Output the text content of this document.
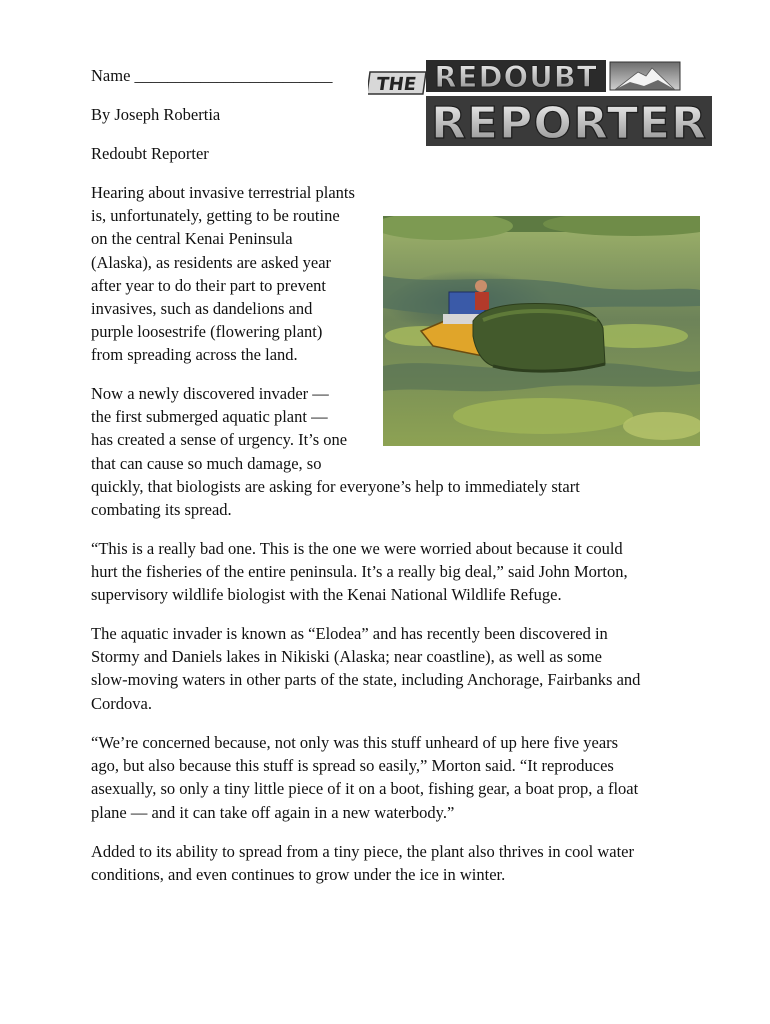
Name ________________________

By Joseph Robertia

Redoubt Reporter

THE REDOUBT
REPORTER
Hearing about invasive terrestrial plants
is, unfortunately, getting to be routine
on the central Kenai Peninsula
(Alaska), as residents are asked year
after year to do their part to prevent
invasives, such as dandelions and
purple loosestrife (flowering plant)
from spreading across the land.
Now a newly discovered invader —
the first submerged aquatic plant —
has created a sense of urgency. It’s one
that can cause so much damage, so
quickly, that biologists are asking for everyone’s help to immediately start
combating its spread.
“This is a really bad one. This is the one we were worried about because it could
hurt the fisheries of the entire peninsula. It’s a really big deal,” said John Morton,
supervisory wildlife biologist with the Kenai National Wildlife Refuge.
The aquatic invader is known as “Elodea” and has recently been discovered in
Stormy and Daniels lakes in Nikiski (Alaska; near coastline), as well as some
slow-moving waters in other parts of the state, including Anchorage, Fairbanks and
Cordova.
“We’re concerned because, not only was this stuff unheard of up here five years
ago, but also because this stuff is spread so easily,” Morton said. “It reproduces
asexually, so only a tiny little piece of it on a boot, fishing gear, a boat prop, a float
plane — and it can take off again in a new waterbody.”
Added to its ability to spread from a tiny piece, the plant also thrives in cool water
conditions, and even continues to grow under the ice in winter.
